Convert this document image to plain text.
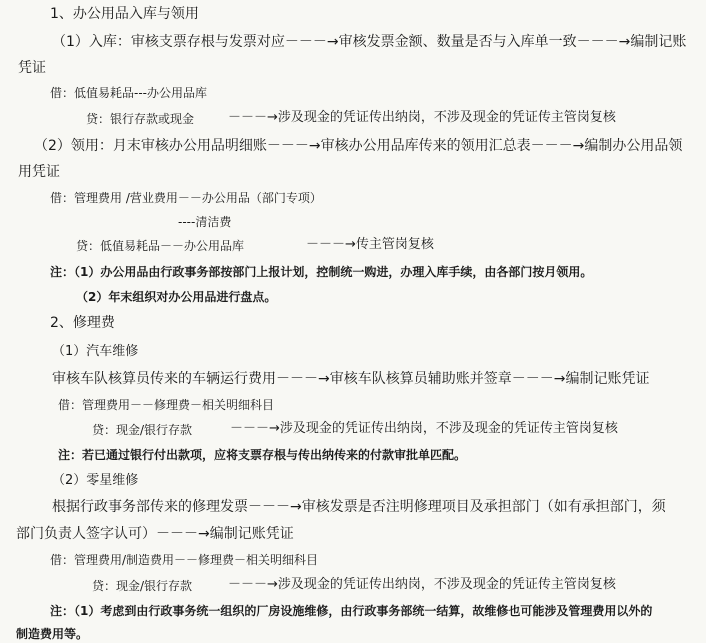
1、办公用品入库与领用
（1）入库：审核支票存根与发票对应－－－→审核发票金额、数量是否与入库单一致－－－→编制记账
凭证
借：低值易耗品---办公用品库
贷：银行存款或现金	－－－→涉及现金的凭证传出纳岗，不涉及现金的凭证传主管岗复核
（2）领用：月末审核办公用品明细账－－－→审核办公用品库传来的领用汇总表－－－→编制办公用品领
用凭证
借：管理费用 /营业费用－－办公用品（部门专项）
----清洁费
贷：低值易耗品－－办公用品库	－－－→传主管岗复核
注：（1）办公用品由行政事务部按部门上报计划，控制统一购进，办理入库手续，由各部门按月领用。
（2）年末组织对办公用品进行盘点。
2、修理费
（1）汽车维修
审核车队核算员传来的车辆运行费用－－－→审核车队核算员辅助账并签章－－－→编制记账凭证
借：管理费用－－修理费－相关明细科目
贷：现金/银行存款	－－－→涉及现金的凭证传出纳岗，不涉及现金的凭证传主管岗复核
注：若已通过银行付出款项，应将支票存根与传出纳传来的付款审批单匹配。
（2）零星维修
根据行政事务部传来的修理发票－－－→审核发票是否注明修理项目及承担部门（如有承担部门，须
部门负责人签字认可）－－－→编制记账凭证
借：管理费用/制造费用－－修理费－相关明细科目
贷：现金/银行存款	－－－→涉及现金的凭证传出纳岗，不涉及现金的凭证传主管岗复核
注：（1）考虑到由行政事务统一组织的厂房设施维修，由行政事务部统一结算，故维修也可能涉及管理费用以外的
制造费用等。
